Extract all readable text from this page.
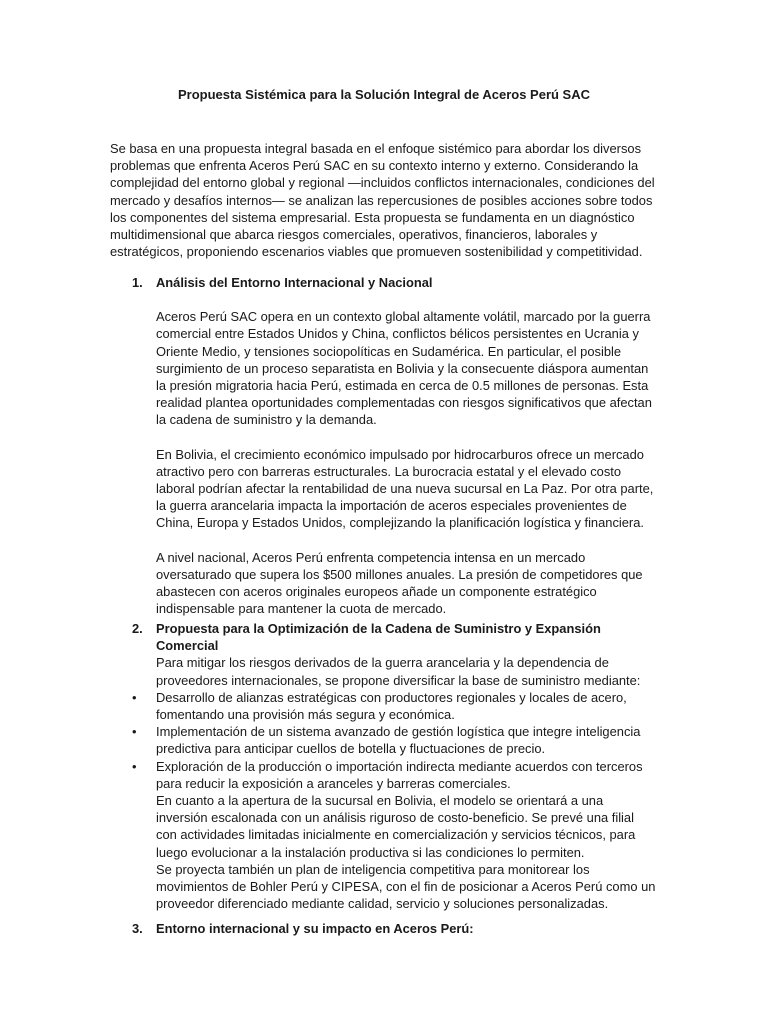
Propuesta Sistémica para la Solución Integral de Aceros Perú SAC

Se basa en una propuesta integral basada en el enfoque sistémico para abordar los diversos problemas que enfrenta Aceros Perú SAC en su contexto interno y externo. Considerando la complejidad del entorno global y regional —incluidos conflictos internacionales, condiciones del mercado y desafíos internos— se analizan las repercusiones de posibles acciones sobre todos los componentes del sistema empresarial. Esta propuesta se fundamenta en un diagnóstico multidimensional que abarca riesgos comerciales, operativos, financieros, laborales y estratégicos, proponiendo escenarios viables que promueven sostenibilidad y competitividad.

1. Análisis del Entorno Internacional y Nacional

Aceros Perú SAC opera en un contexto global altamente volátil, marcado por la guerra comercial entre Estados Unidos y China, conflictos bélicos persistentes en Ucrania y Oriente Medio, y tensiones sociopolíticas en Sudamérica. En particular, el posible surgimiento de un proceso separatista en Bolivia y la consecuente diáspora aumentan la presión migratoria hacia Perú, estimada en cerca de 0.5 millones de personas. Esta realidad plantea oportunidades complementadas con riesgos significativos que afectan la cadena de suministro y la demanda.

En Bolivia, el crecimiento económico impulsado por hidrocarburos ofrece un mercado atractivo pero con barreras estructurales. La burocracia estatal y el elevado costo laboral podrían afectar la rentabilidad de una nueva sucursal en La Paz. Por otra parte, la guerra arancelaria impacta la importación de aceros especiales provenientes de China, Europa y Estados Unidos, complejizando la planificación logística y financiera.

A nivel nacional, Aceros Perú enfrenta competencia intensa en un mercado oversaturado que supera los $500 millones anuales. La presión de competidores que abastecen con aceros originales europeos añade un componente estratégico indispensable para mantener la cuota de mercado.

2. Propuesta para la Optimización de la Cadena de Suministro y Expansión Comercial

Para mitigar los riesgos derivados de la guerra arancelaria y la dependencia de proveedores internacionales, se propone diversificar la base de suministro mediante:

• Desarrollo de alianzas estratégicas con productores regionales y locales de acero, fomentando una provisión más segura y económica.
• Implementación de un sistema avanzado de gestión logística que integre inteligencia predictiva para anticipar cuellos de botella y fluctuaciones de precio.
• Exploración de la producción o importación indirecta mediante acuerdos con terceros para reducir la exposición a aranceles y barreras comerciales.

En cuanto a la apertura de la sucursal en Bolivia, el modelo se orientará a una inversión escalonada con un análisis riguroso de costo-beneficio. Se prevé una filial con actividades limitadas inicialmente en comercialización y servicios técnicos, para luego evolucionar a la instalación productiva si las condiciones lo permiten.

Se proyecta también un plan de inteligencia competitiva para monitorear los movimientos de Bohler Perú y CIPESA, con el fin de posicionar a Aceros Perú como un proveedor diferenciado mediante calidad, servicio y soluciones personalizadas.

3. Entorno internacional y su impacto en Aceros Perú:
